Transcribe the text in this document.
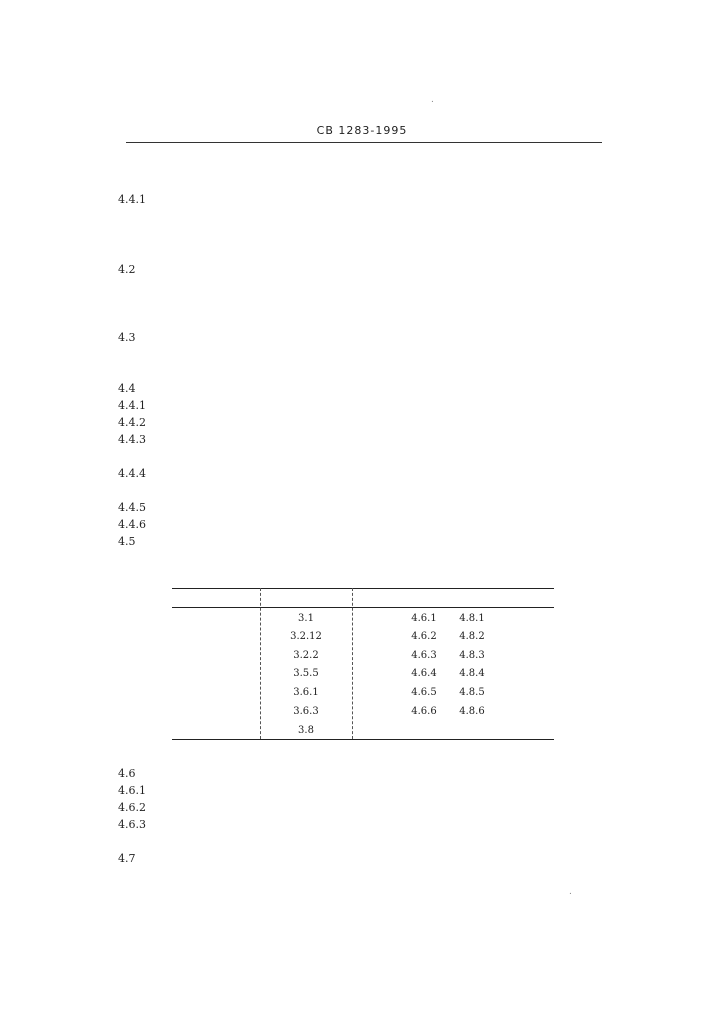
.
CB 1283-1995
4.4.1
4.2
4.3
4.4
4.4.1
4.4.2
4.4.3
4.4.4
4.4.5
4.4.6
4.5
3.1	4.6.1	4.8.1
3.2.12	4.6.2	4.8.2
3.2.2	4.6.3	4.8.3
3.5.5	4.6.4	4.8.4
3.6.1	4.6.5	4.8.5
3.6.3	4.6.6	4.8.6
3.8
4.6
4.6.1
4.6.2
4.6.3
4.7
.
